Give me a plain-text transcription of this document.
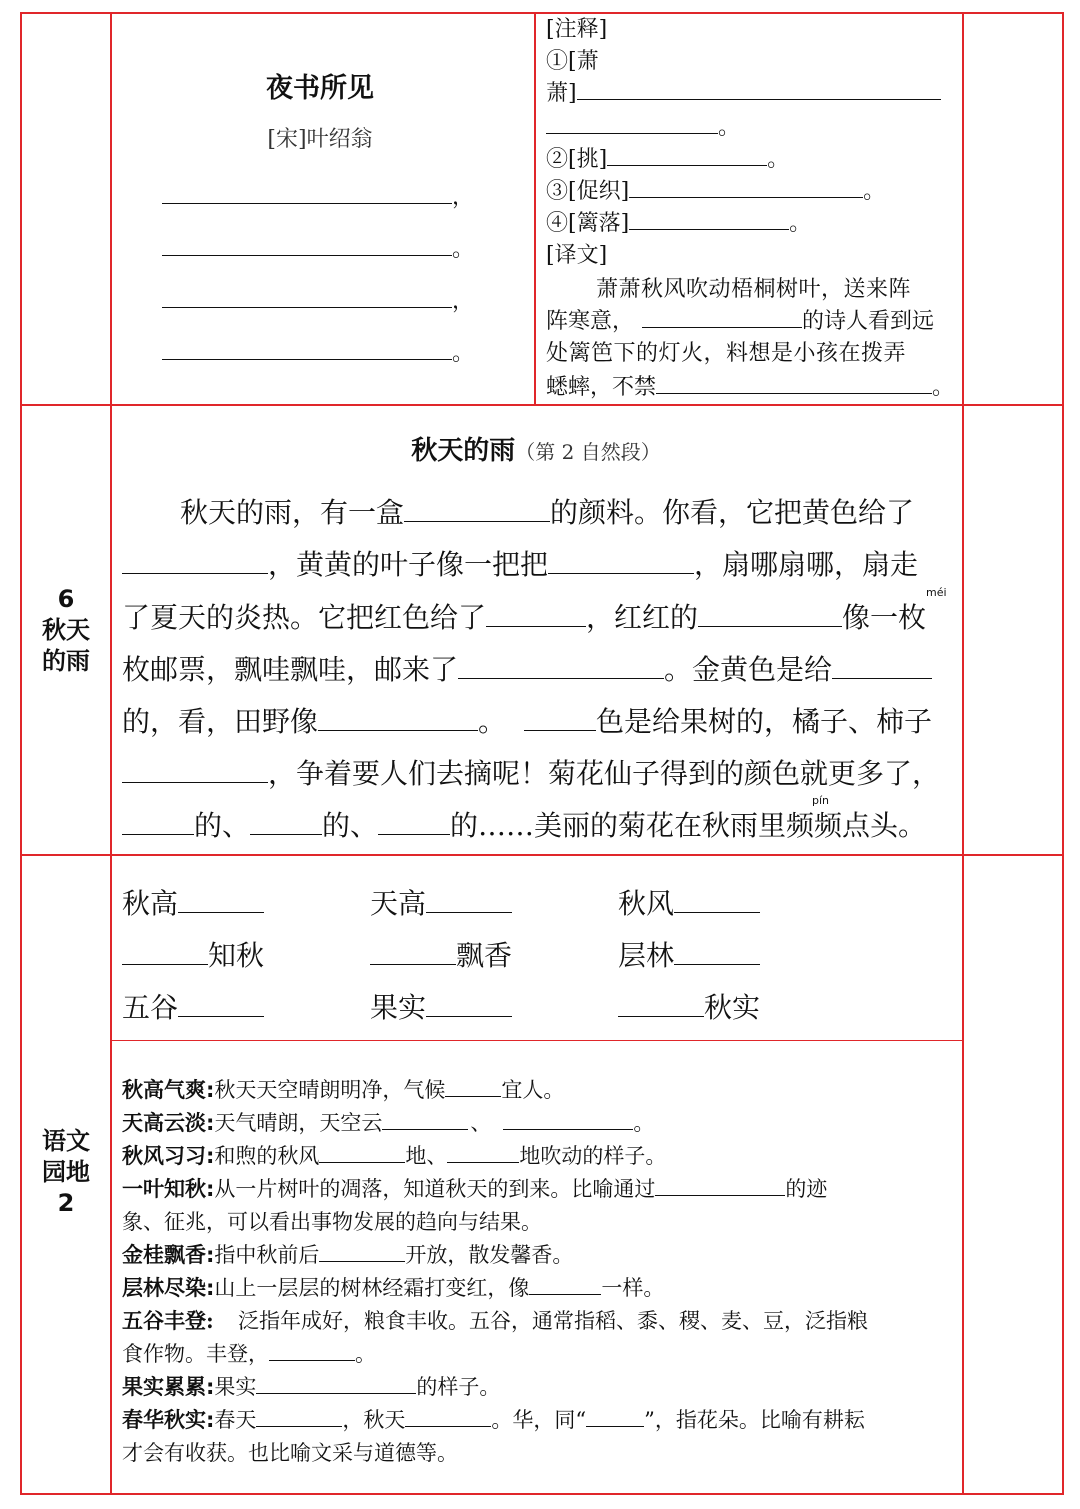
夜书所见
[宋]叶绍翁
，
。
，
。
[注释]
①[萧
萧]
。
②[挑]	。
③[促织]	。
④[篱落]	。
[译文]
萧萧秋风吹动梧桐树叶，送来阵
阵寒意，	的诗人看到远
处篱笆下的灯火，料想是小孩在拨弄
蟋蟀，不禁	。
6
秋天
的雨
秋天的雨（第 2 自然段）
秋天的雨，有一盒	的颜料。你看，它把黄色给了
，黄黄的叶子像一把把	，扇哪扇哪，扇走
méi
了夏天的炎热。它把红色给了	，红红的	像一枚
枚邮票，飘哇飘哇，邮来了	。金黄色是给
的，看，田野像	。	色是给果树的，橘子、柿子
，争着要人们去摘呢！菊花仙子得到的颜色就更多了，
pín
的、	的、	的……美丽的菊花在秋雨里频频点头。
语文
园地
2
秋高	天高	秋风
知秋	飘香	层林
五谷	果实	秋实
秋高气爽:秋天天空晴朗明净，气候	宜人。
天高云淡:天气晴朗，天空云	、	。
秋风习习:和煦的秋风	地、	地吹动的样子。
一叶知秋:从一片树叶的凋落，知道秋天的到来。比喻通过	的迹
象、征兆，可以看出事物发展的趋向与结果。
金桂飘香:指中秋前后	开放，散发馨香。
层林尽染:山上一层层的树林经霜打变红，像	一样。
泛指年成好，粮食丰收。五谷，通常指稻、黍、稷、麦、豆，泛指粮
五谷丰登:
食作物。丰登，	。
果实累累:果实	的样子。
春华秋实:春天	，秋天	。华，同“	”，指花朵。比喻有耕耘
才会有收获。也比喻文采与道德等。
